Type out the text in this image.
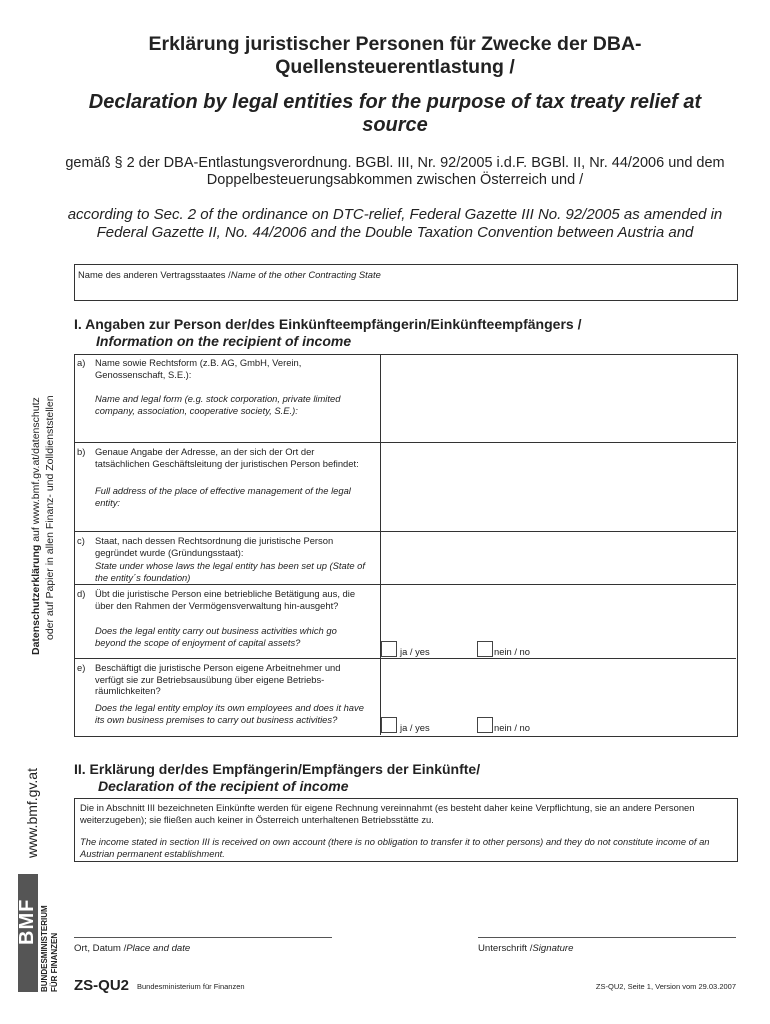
Datenschutzerklärung auf www.bmf.gv.at/datenschutz oder auf Papier in allen Finanz- und Zolldienststellen
www.bmf.gv.at
BMF BUNDESMINISTERIUM FÜR FINANZEN
Erklärung juristischer Personen für Zwecke der DBA-Quellensteuerentlastung /
Declaration by legal entities for the purpose of tax treaty relief at source
gemäß § 2 der DBA-Entlastungsverordnung. BGBl. III, Nr. 92/2005 i.d.F. BGBl. II, Nr. 44/2006 und dem Doppelbesteuerungsabkommen zwischen Österreich und /
according to Sec. 2 of the ordinance on DTC-relief, Federal Gazette III No. 92/2005 as amended in Federal Gazette II, No. 44/2006 and the Double Taxation Convention between Austria and
Name des anderen Vertragsstaates /Name of the other Contracting State
I. Angaben zur Person der/des Einkünfteempfängerin/Einkünfteempfängers /
Information on the recipient of income
a) Name sowie Rechtsform (z.B. AG, GmbH, Verein, Genossenschaft, S.E.):
Name and legal form (e.g. stock corporation, private limited company, association, cooperative society, S.E.):
b) Genaue Angabe der Adresse, an der sich der Ort der tatsächlichen Geschäftsleitung der juristischen Person befindet:
Full address of the place of effective management of the legal entity:
c) Staat, nach dessen Rechtsordnung die juristische Person gegründet wurde (Gründungsstaat):
State under whose laws the legal entity has been set up (State of the entity´s foundation)
d) Übt die juristische Person eine betriebliche Betätigung aus, die über den Rahmen der Vermögensverwaltung hin-ausgeht?
Does the legal entity carry out business activities which go beyond the scope of enjoyment of capital assets?
ja / yes	nein / no
e) Beschäftigt die juristische Person eigene Arbeitnehmer und verfügt sie zur Betriebsausübung über eigene Betriebs-räumlichkeiten?
Does the legal entity employ its own employees and does it have its own business premises to carry out business activities?
ja / yes	nein / no
II. Erklärung der/des Empfängerin/Empfängers der Einkünfte/
Declaration of the recipient of income
Die in Abschnitt III bezeichneten Einkünfte werden für eigene Rechnung vereinnahmt (es besteht daher keine Verpflichtung, sie an andere Personen weiterzugeben); sie fließen auch keiner in Österreich unterhaltenen Betriebsstätte zu.
The income stated in section III is received on own account (there is no obligation to transfer it to other persons) and they do not constitute income of an Austrian permanent establishment.
Ort, Datum /Place and date	Unterschrift /Signature
ZS-QU2 Bundesministerium für Finanzen	ZS-QU2, Seite 1, Version vom 29.03.2007
